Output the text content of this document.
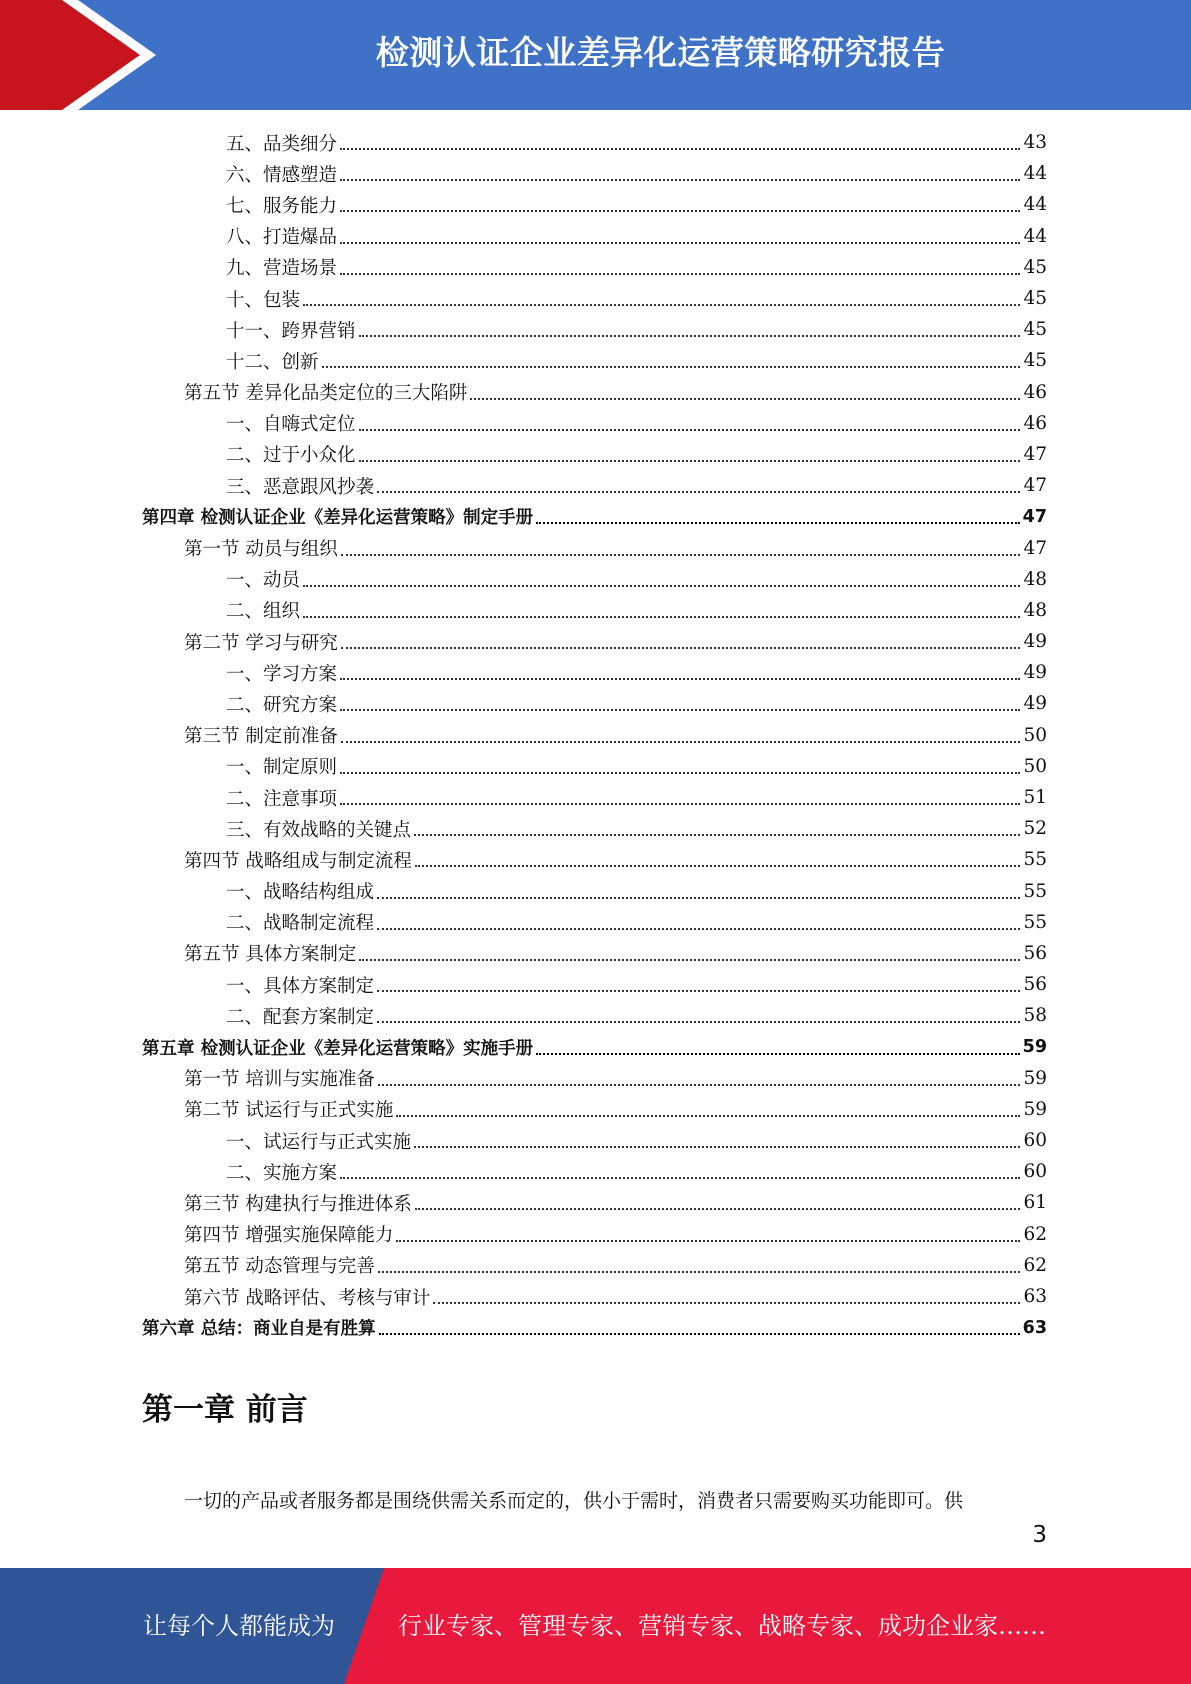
检测认证企业差异化运营策略研究报告
五、品类细分	43
六、情感塑造	44
七、服务能力	44
八、打造爆品	44
九、营造场景	45
十、包装	45
十一、跨界营销	45
十二、创新	45
第五节 差异化品类定位的三大陷阱	46
一、自嗨式定位	46
二、过于小众化	47
三、恶意跟风抄袭	47
第四章 检测认证企业《差异化运营策略》制定手册	47
第一节 动员与组织	47
一、动员	48
二、组织	48
第二节 学习与研究	49
一、学习方案	49
二、研究方案	49
第三节 制定前准备	50
一、制定原则	50
二、注意事项	51
三、有效战略的关键点	52
第四节 战略组成与制定流程	55
一、战略结构组成	55
二、战略制定流程	55
第五节 具体方案制定	56
一、具体方案制定	56
二、配套方案制定	58
第五章 检测认证企业《差异化运营策略》实施手册	59
第一节 培训与实施准备	59
第二节 试运行与正式实施	59
一、试运行与正式实施	60
二、实施方案	60
第三节 构建执行与推进体系	61
第四节 增强实施保障能力	62
第五节 动态管理与完善	62
第六节 战略评估、考核与审计	63
第六章 总结：商业自是有胜算	63
第一章 前言

一切的产品或者服务都是围绕供需关系而定的，供小于需时，消费者只需要购买功能即可。供

3
让每个人都能成为	行业专家、管理专家、营销专家、战略专家、成功企业家……
